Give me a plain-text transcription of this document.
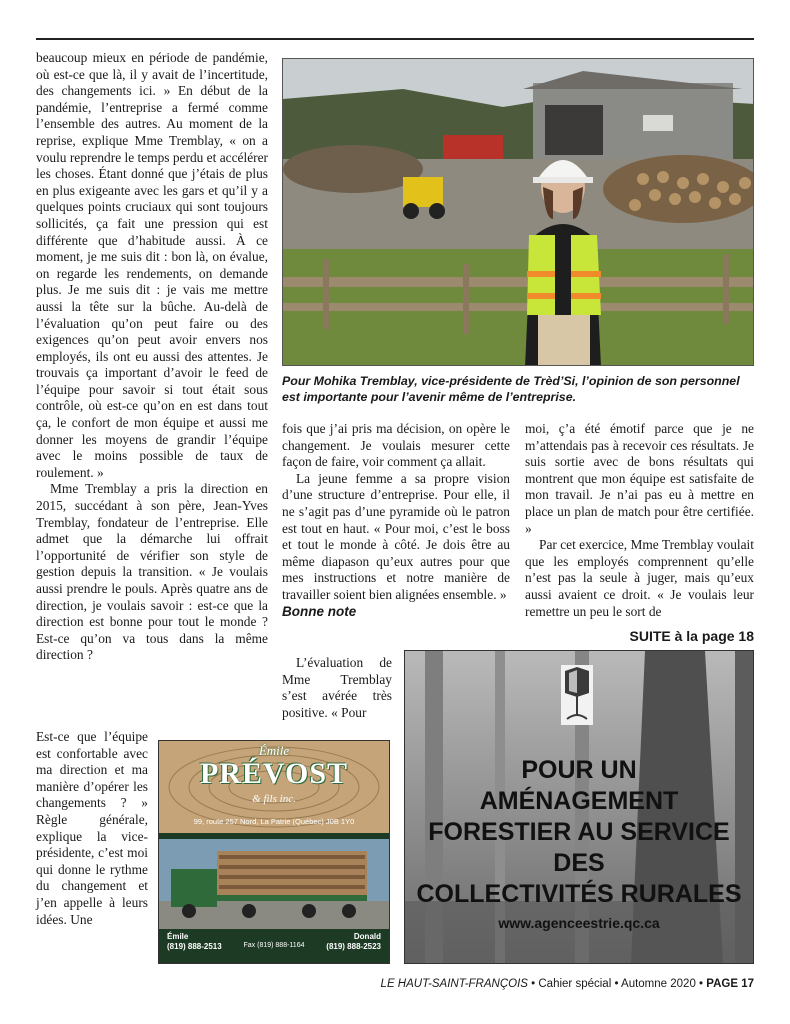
beaucoup mieux en période de pandémie, où est-ce que là, il y avait de l’incertitude, des changements ici. » En début de la pandémie, l’entreprise a fermé comme l’ensemble des autres. Au moment de la reprise, explique Mme Tremblay, « on a voulu reprendre le temps perdu et accélérer les choses. Étant donné que j’étais de plus en plus exigeante avec les gars et qu’il y a quelques points cruciaux qui sont toujours sollicités, ça fait une pression qui est différente que d’habitude aussi. À ce moment, je me suis dit : bon là, on évalue, on regarde les rendements, on demande plus. Je me suis dit : je vais me mettre aussi la tête sur la bûche. Au-delà de l’évaluation qu’on peut faire ou des exigences qu’on peut avoir envers nos employés, ils ont eu aussi des attentes. Je trouvais ça important d’avoir le feed de l’équipe pour savoir si tout était sous contrôle, où est-ce qu’on en est dans tout ça, le confort de mon équipe et aussi me donner les moyens de grandir l’équipe avec le moins possible de taux de roulement. »

Mme Tremblay a pris la direction en 2015, succédant à son père, Jean-Yves Tremblay, fondateur de l’entreprise. Elle admet que la démarche lui offrait l’opportunité de vérifier son style de gestion depuis la transition. « Je voulais aussi prendre le pouls. Après quatre ans de direction, je voulais savoir : est-ce que la direction est bonne pour tout le monde ? Est-ce qu’on va tous dans la même direction ?

Est-ce que l’équipe est confortable avec ma direction et ma manière d’opérer les changements ? » Règle générale, explique la vice-présidente, c’est moi qui donne le rythme du changement et j’en appelle à leurs idées. Une

Pour Mohika Tremblay, vice-présidente de Trèd’Si, l’opinion de son personnel est importante pour l’avenir même de l’entreprise.

fois que j’ai pris ma décision, on opère le changement. Je voulais mesurer cette façon de faire, voir comment ça allait.

La jeune femme a sa propre vision d’une structure d’entreprise. Pour elle, il ne s’agit pas d’une pyramide où le patron est tout en haut. « Pour moi, c’est le boss et tout le monde à côté. Je dois être au même diapason qu’eux autres pour que mes instructions et notre manière de travailler soient bien alignées ensemble. »

Bonne note

L’évaluation de Mme Tremblay s’est avérée très positive. « Pour

moi, ç’a été émotif parce que je ne m’attendais pas à recevoir ces résultats. Je suis sortie avec de bons résultats qui montrent que mon équipe est satisfaite de mon travail. Je n’ai pas eu à mettre en place un plan de match pour être certifiée. »

Par cet exercice, Mme Tremblay voulait que les employés comprennent qu’elle n’est pas la seule à juger, mais qu’eux aussi avaient ce droit. « Je voulais leur remettre un peu le sort de

SUITE à la page 18
Émile
PRÉVOST
& fils inc.
99, route 257 Nord, La Patrie (Québec) J0B 1Y0
Émile
(819) 888-2513	Fax (819) 888-1164
Donald
(819) 888-2523
POUR UN
AMÉNAGEMENT
FORESTIER AU SERVICE DES
COLLECTIVITÉS RURALES
www.agenceestrie.qc.ca
LE HAUT-SAINT-FRANÇOIS • Cahier spécial • Automne 2020 • PAGE 17
